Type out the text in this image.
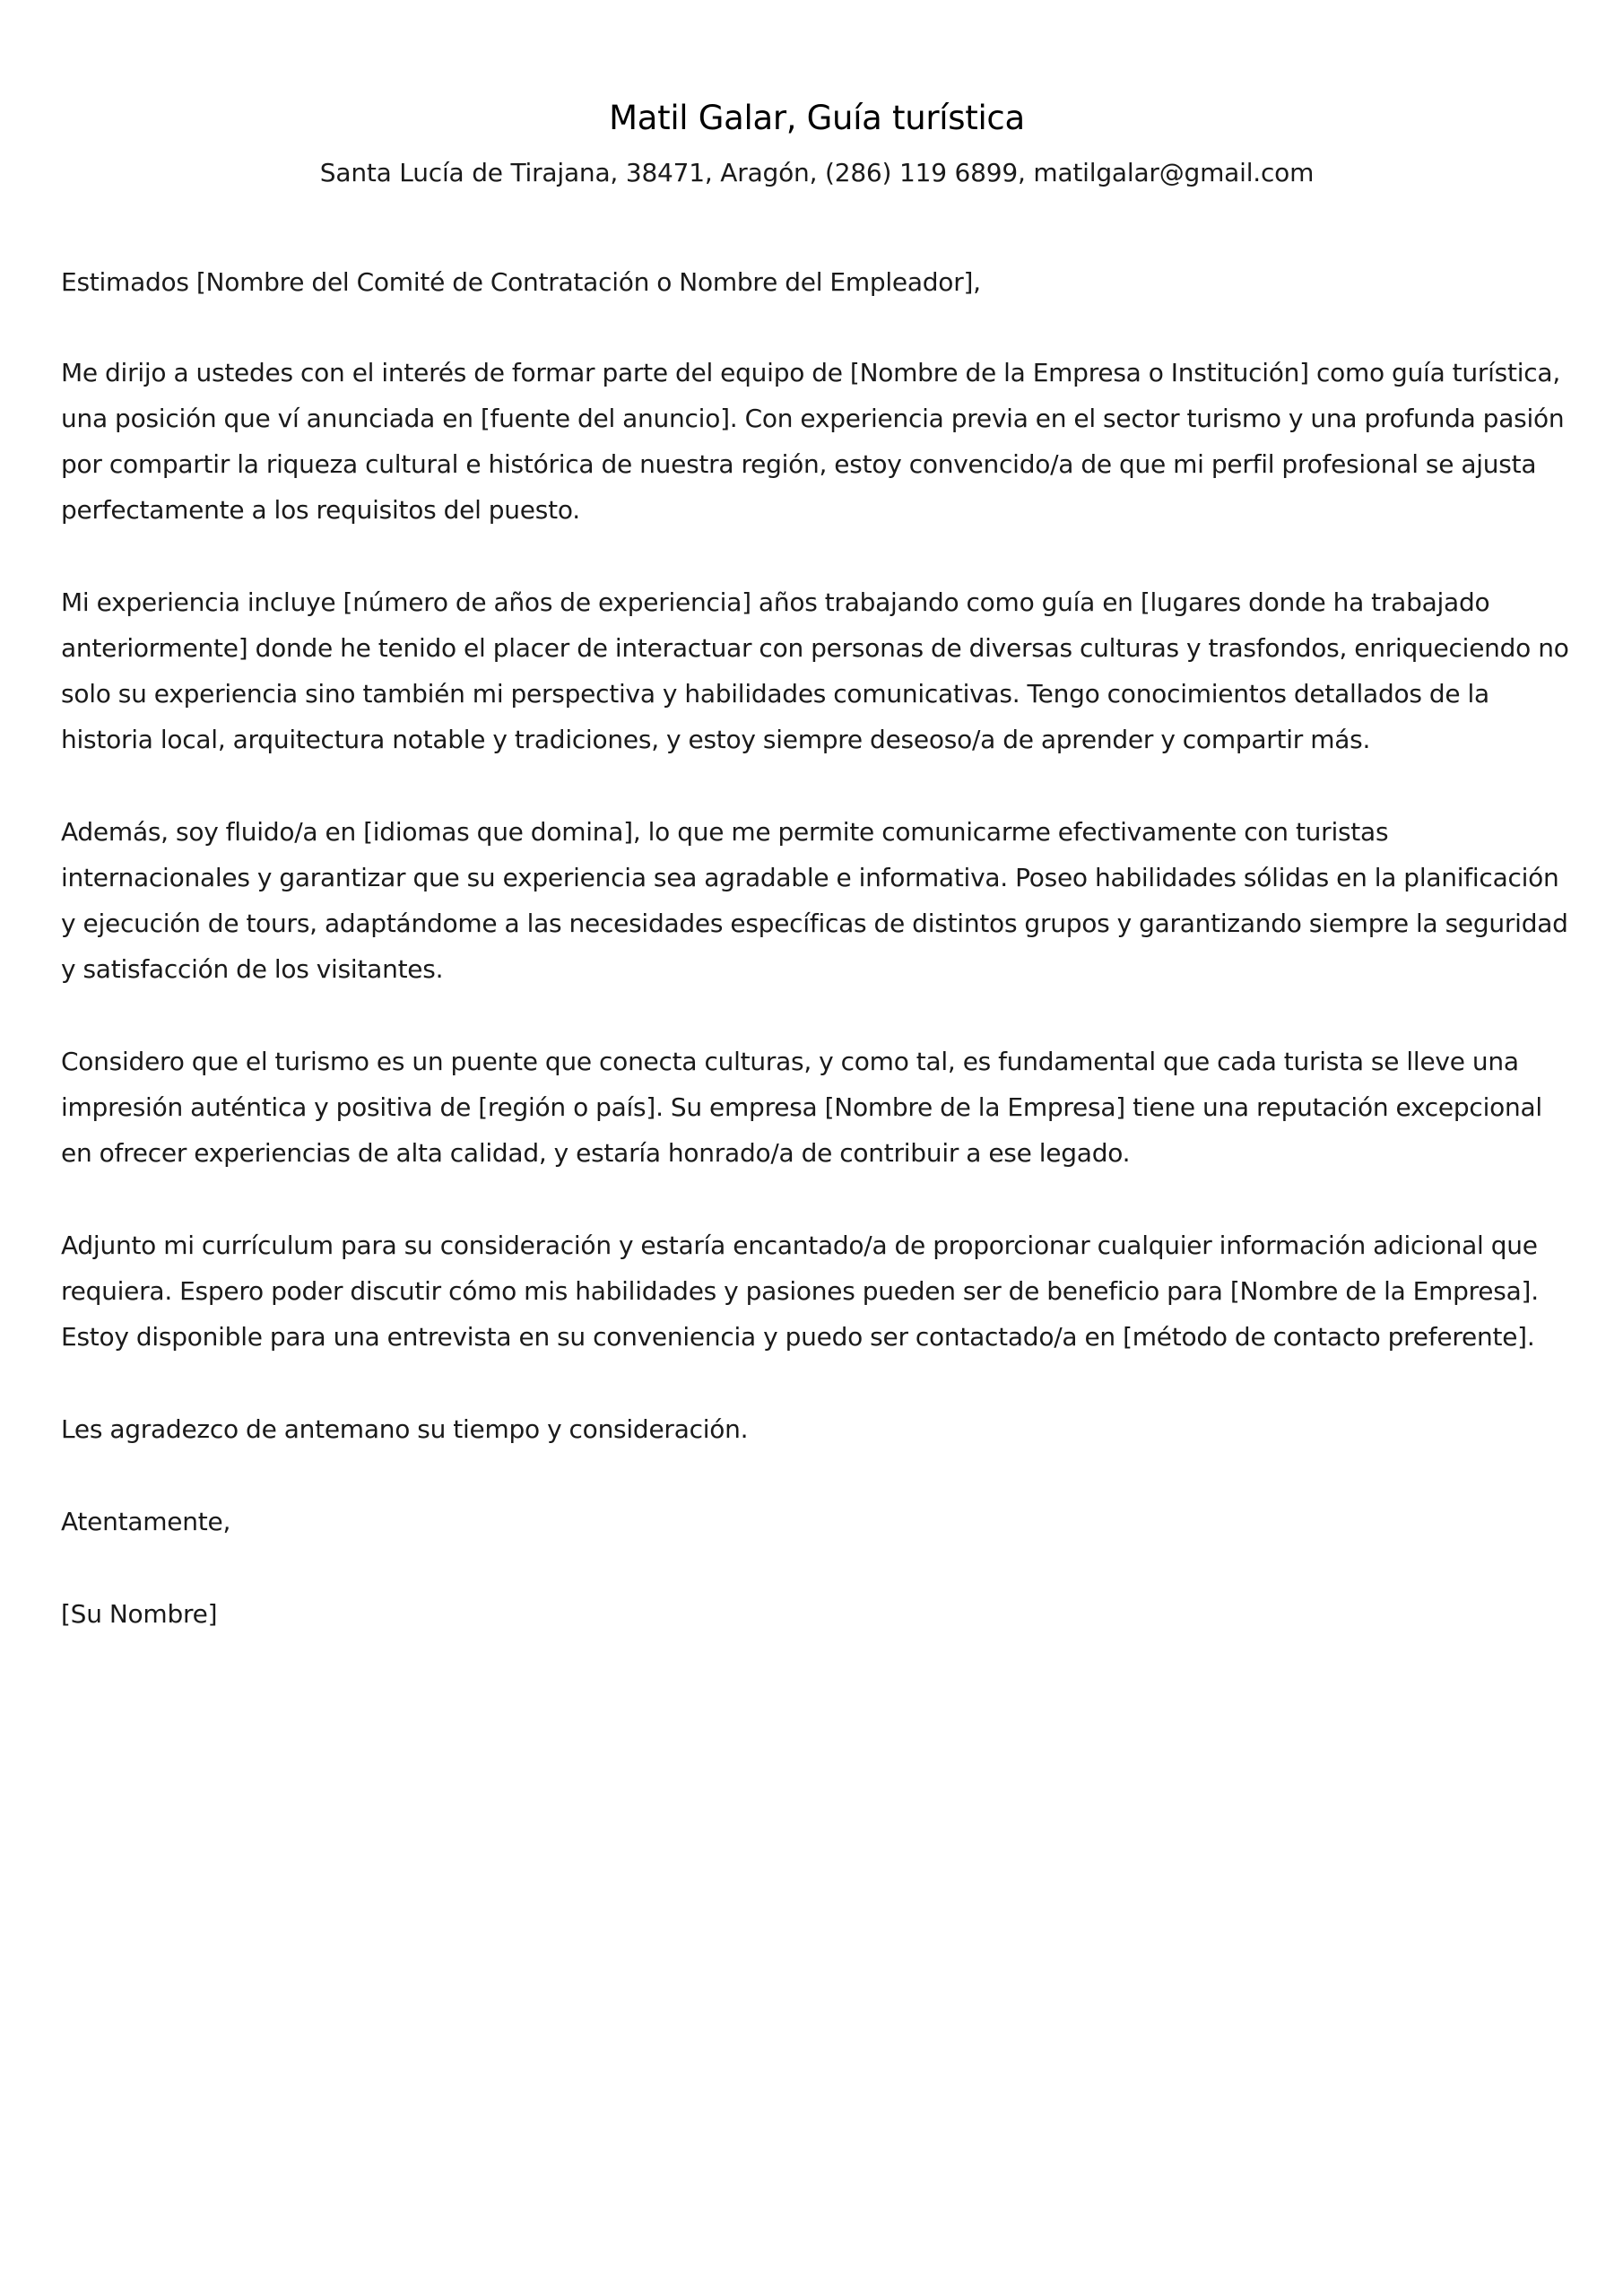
Matil Galar, Guía turística

Santa Lucía de Tirajana, 38471, Aragón, (286) 119 6899, matilgalar@gmail.com

Estimados [Nombre del Comité de Contratación o Nombre del Empleador],

Me dirijo a ustedes con el interés de formar parte del equipo de [Nombre de la Empresa o Institución] como guía turística, una posición que ví anunciada en [fuente del anuncio]. Con experiencia previa en el sector turismo y una profunda pasión por compartir la riqueza cultural e histórica de nuestra región, estoy convencido/a de que mi perfil profesional se ajusta perfectamente a los requisitos del puesto.

Mi experiencia incluye [número de años de experiencia] años trabajando como guía en [lugares donde ha trabajado anteriormente] donde he tenido el placer de interactuar con personas de diversas culturas y trasfondos, enriqueciendo no solo su experiencia sino también mi perspectiva y habilidades comunicativas. Tengo conocimientos detallados de la historia local, arquitectura notable y tradiciones, y estoy siempre deseoso/a de aprender y compartir más.

Además, soy fluido/a en [idiomas que domina], lo que me permite comunicarme efectivamente con turistas internacionales y garantizar que su experiencia sea agradable e informativa. Poseo habilidades sólidas en la planificación y ejecución de tours, adaptándome a las necesidades específicas de distintos grupos y garantizando siempre la seguridad y satisfacción de los visitantes.

Considero que el turismo es un puente que conecta culturas, y como tal, es fundamental que cada turista se lleve una impresión auténtica y positiva de [región o país]. Su empresa [Nombre de la Empresa] tiene una reputación excepcional en ofrecer experiencias de alta calidad, y estaría honrado/a de contribuir a ese legado.

Adjunto mi currículum para su consideración y estaría encantado/a de proporcionar cualquier información adicional que requiera. Espero poder discutir cómo mis habilidades y pasiones pueden ser de beneficio para [Nombre de la Empresa]. Estoy disponible para una entrevista en su conveniencia y puedo ser contactado/a en [método de contacto preferente].

Les agradezco de antemano su tiempo y consideración.

Atentamente,

[Su Nombre]
